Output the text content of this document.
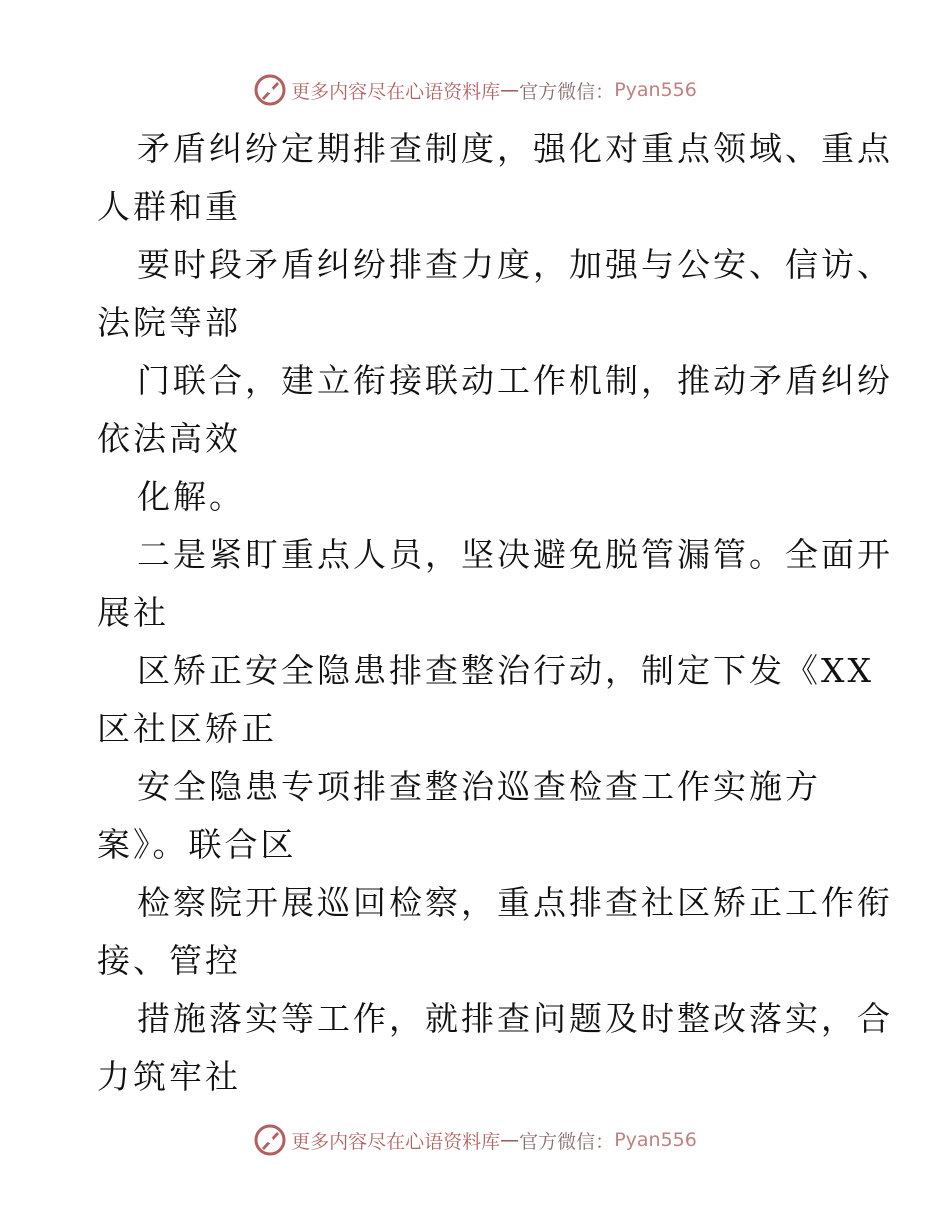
更多内容尽在心语资料库 — 官方微信： Pyan556
矛盾纠纷定期排查制度，强化对重点领域、重点
人群和重
要时段矛盾纠纷排查力度，加强与公安、信访、
法院等部
门联合，建立衔接联动工作机制，推动矛盾纠纷
依法高效
化解。
二是紧盯重点人员，坚决避免脱管漏管。全面开
展社
区矫正安全隐患排查整治行动，制定下发《XX
区社区矫正
安全隐患专项排查整治巡查检查工作实施方
案》。联合区
检察院开展巡回检察，重点排查社区矫正工作衔
接、管控
措施落实等工作，就排查问题及时整改落实，合
力筑牢社
更多内容尽在心语资料库 — 官方微信： Pyan556
